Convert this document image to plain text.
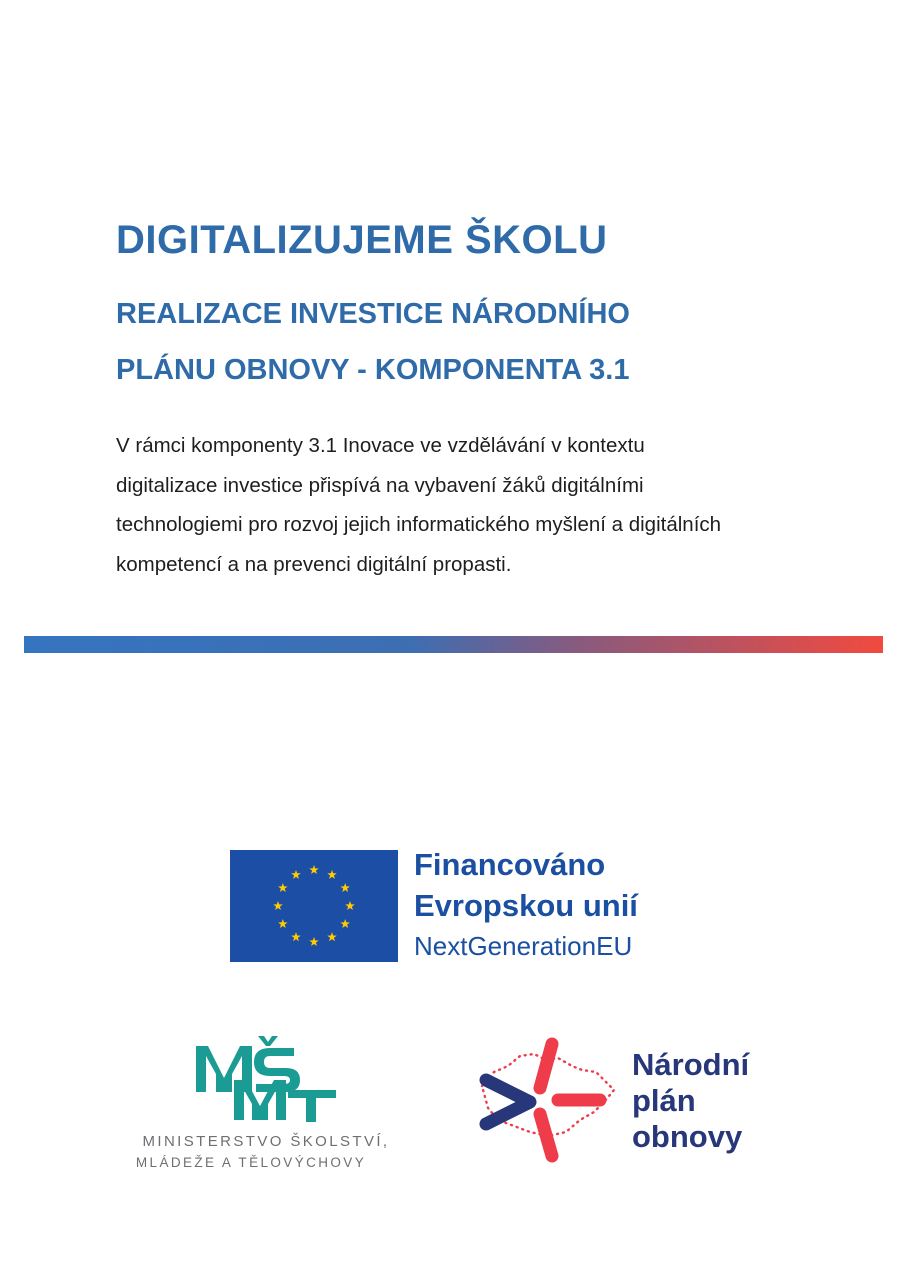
DIGITALIZUJEME ŠKOLU
REALIZACE INVESTICE NÁRODNÍHO
PLÁNU OBNOVY - KOMPONENTA 3.1

V rámci komponenty 3.1 Inovace ve vzdělávání v kontextu
digitalizace investice přispívá na vybavení žáků digitálními
technologiemi pro rozvoj jejich informatického myšlení a digitálních
kompetencí a na prevenci digitální propasti.

Financováno
Evropskou unií
NextGenerationEU
MINISTERSTVO ŠKOLSTVÍ,
MLÁDEŽE A TĚLOVÝCHOVY
Národní
plán
obnovy
